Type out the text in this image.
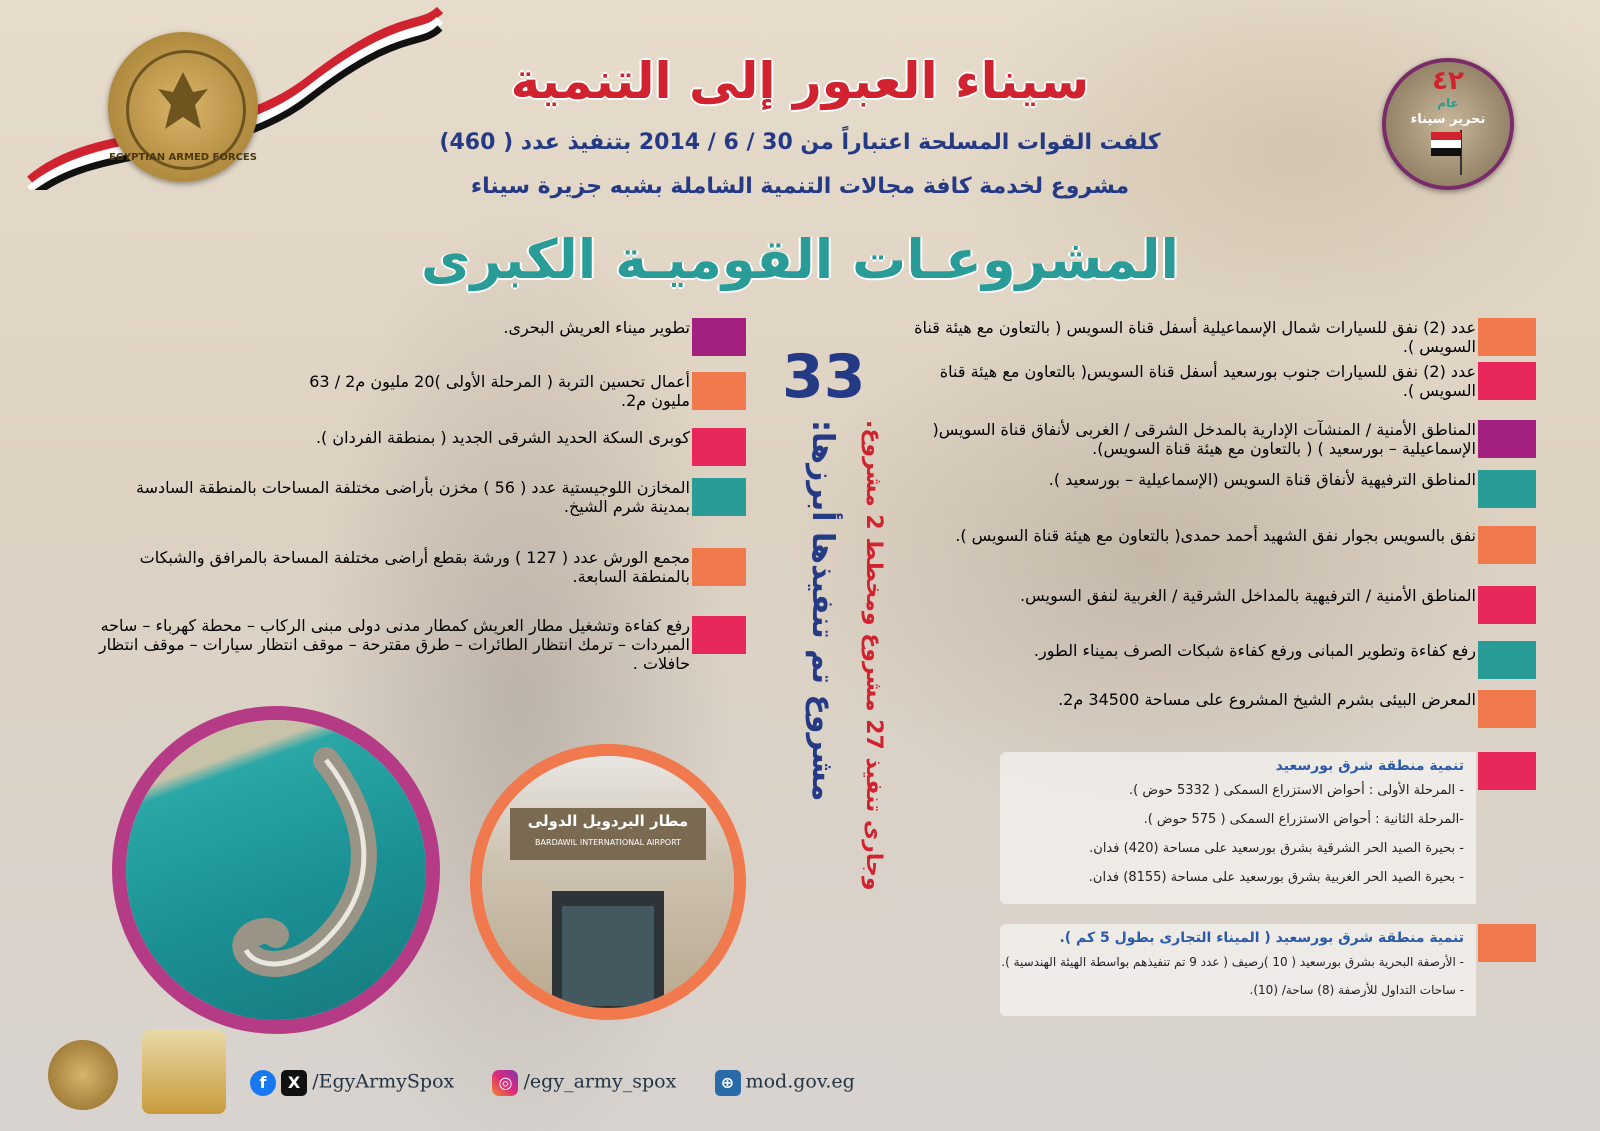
EGYPTIAN ARMED FORCES
٤٢
عام
تحرير سيناء
سيناء العبور إلى التنمية
كلفت القوات المسلحة اعتباراً من 30 / 6 / 2014 بتنفيذ عدد ( 460)
مشروع لخدمة كافة مجالات التنمية الشاملة بشبه جزيرة سيناء
المشروعـات القوميـة الكبرى
33
مشروع تم تنفيذها أبرزها: وجارى تنفيذ 27 مشروع ومخطط 2 مشروع.
عدد (2) نفق للسيارات شمال الإسماعيلية أسفل قناة السويس ( بالتعاون مع هيئة قناة السويس ).
عدد (2) نفق للسيارات جنوب بورسعيد أسفل قناة السويس( بالتعاون مع هيئة قناة السويس ).
المناطق الأمنية / المنشآت الإدارية بالمدخل الشرقى / الغربى لأنفاق قناة السويس( الإسماعيلية – بورسعيد ) ( بالتعاون مع هيئة قناة السويس).
المناطق الترفيهية لأنفاق قناة السويس (الإسماعيلية – بورسعيد ).
نفق بالسويس بجوار نفق الشهيد أحمد حمدى( بالتعاون مع هيئة قناة السويس ).
المناطق الأمنية / الترفيهية بالمداخل الشرقية / الغربية لنفق السويس.
رفع كفاءة وتطوير المبانى ورفع كفاءة شبكات الصرف بميناء الطور.
المعرض البيئى بشرم الشيخ المشروع على مساحة 34500 م2.
تنمية منطقة شرق بورسعيد
- المرحلة الأولى : أحواض الاستزراع السمكى ( 5332 حوض ).
-المرحلة الثانية : أحواض الاستزراع السمكى ( 575 حوض ).
- بحيرة الصيد الحر الشرقية بشرق بورسعيد على مساحة (420) فدان.
- بحيرة الصيد الحر الغربية بشرق بورسعيد على مساحة (8155) فدان.
تنمية منطقة شرق بورسعيد ( الميناء التجارى بطول 5 كم ).
- الأرصفة البحرية بشرق بورسعيد ( 10 )رصيف ( عدد 9 تم تنفيذهم بواسطة الهيئة الهندسية ).
- ساحات التداول للأرصفة (8) ساحة/ (10).
تطوير ميناء العريش البحرى.
أعمال تحسين التربة ( المرحلة الأولى )20 مليون م2 / 63 مليون م2.
كوبرى السكة الحديد الشرقى الجديد ( بمنطقة الفردان ).
المخازن اللوجيستية عدد ( 56 ) مخزن بأراضى مختلفة المساحات بالمنطقة السادسة بمدينة شرم الشيخ.
مجمع الورش عدد ( 127 ) ورشة بقطع أراضى مختلفة المساحة بالمرافق والشبكات بالمنطقة السابعة.
رفع كفاءة وتشغيل مطار العريش كمطار مدنى دولى مبنى الركاب – محطة كهرباء – ساحه المبردات – ترمك انتظار الطائرات – طرق مقترحة – موقف انتظار سيارات – موقف انتظار حافلات .
مطار البردويل الدولى
BARDAWIL INTERNATIONAL AIRPORT
f X /EgyArmySpox	◎ /egy_army_spox	⊕ mod.gov.eg
